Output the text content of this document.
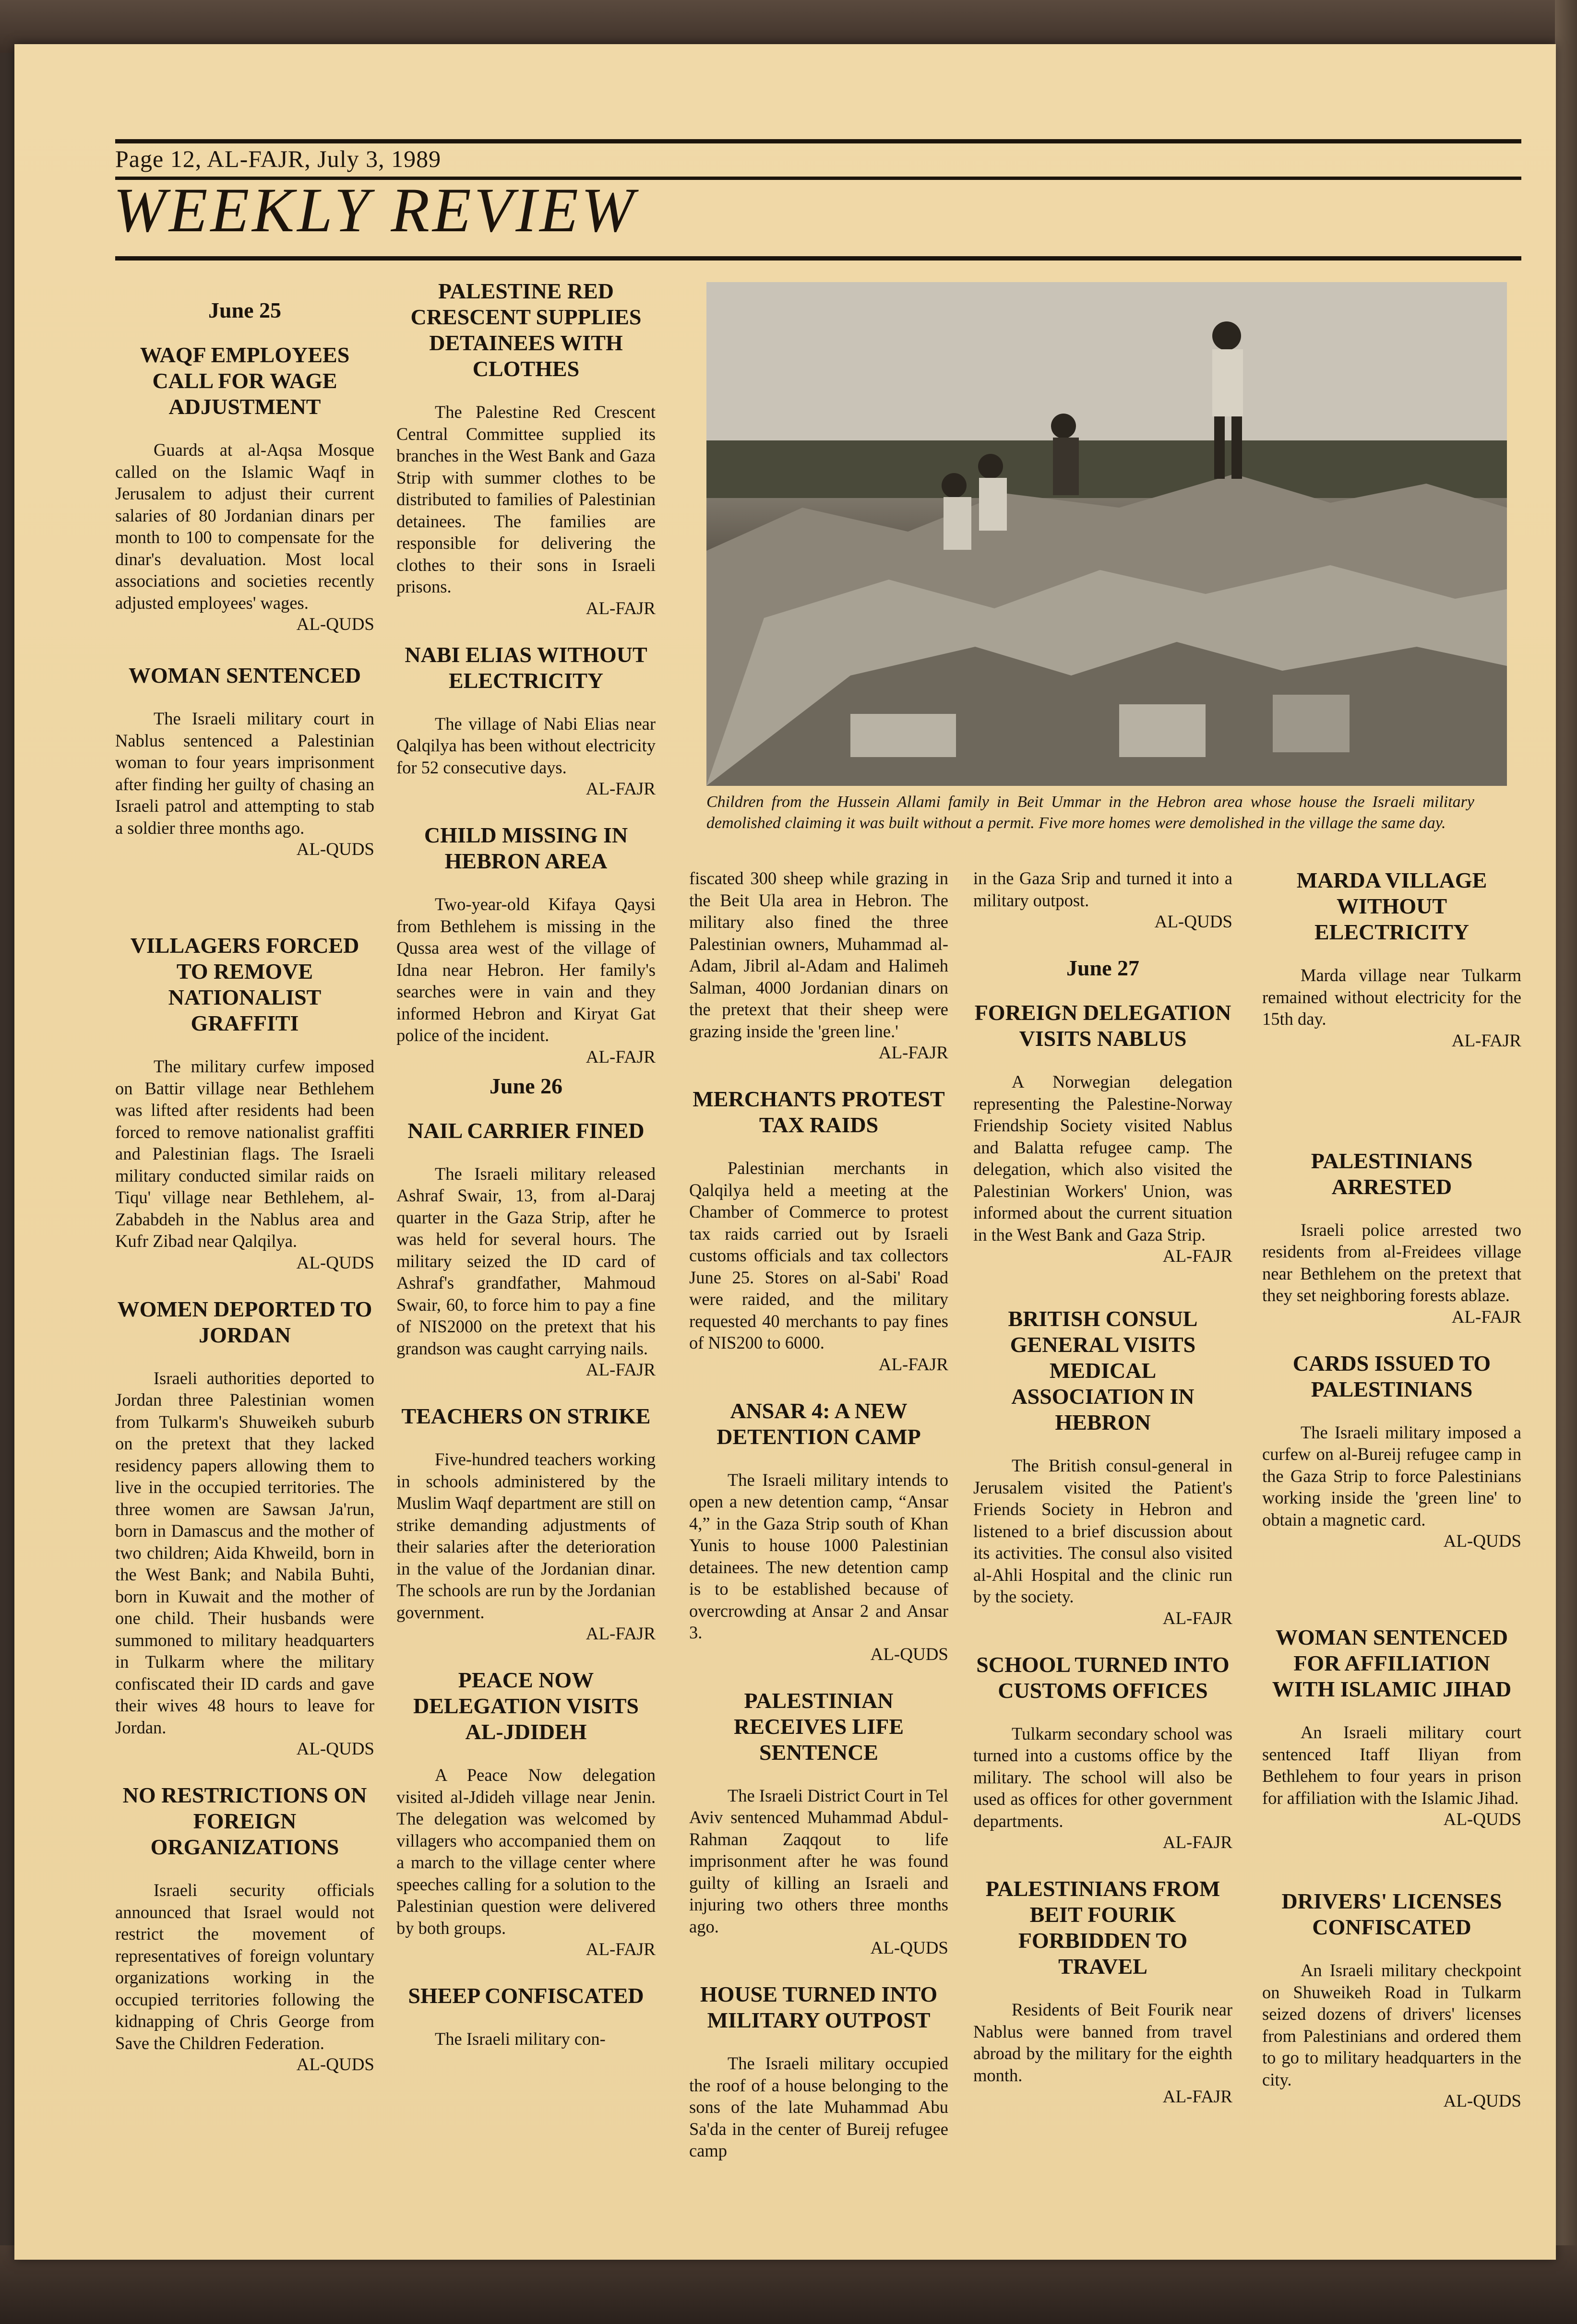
Page 12, AL-FAJR, July 3, 1989
WEEKLY REVIEW

June 25

WAQF EMPLOYEES CALL FOR WAGE ADJUSTMENT

Guards at al-Aqsa Mosque called on the Islamic Waqf in Jerusalem to adjust their current salaries of 80 Jordanian dinars per month to 100 to compensate for the dinar's devaluation. Most local associations and societies recently adjusted employees' wages.

AL-QUDS

WOMAN SENTENCED

The Israeli military court in Nablus sentenced a Palestinian woman to four years imprisonment after finding her guilty of chasing an Israeli patrol and attempting to stab a soldier three months ago.

AL-QUDS

VILLAGERS FORCED TO REMOVE NATIONALIST GRAFFITI

The military curfew imposed on Battir village near Bethlehem was lifted after residents had been forced to remove nationalist graffiti and Palestinian flags. The Israeli military conducted similar raids on Tiqu' village near Bethlehem, al-Zababdeh in the Nablus area and Kufr Zibad near Qalqilya.

AL-QUDS

WOMEN DEPORTED TO JORDAN

Israeli authorities deported to Jordan three Palestinian women from Tulkarm's Shuweikeh suburb on the pretext that they lacked residency papers allowing them to live in the occupied territories. The three women are Sawsan Ja'run, born in Damascus and the mother of two children; Aida Khweild, born in the West Bank; and Nabila Buhti, born in Kuwait and the mother of one child. Their husbands were summoned to military headquarters in Tulkarm where the military confiscated their ID cards and gave their wives 48 hours to leave for Jordan.

AL-QUDS

NO RESTRICTIONS ON FOREIGN ORGANIZATIONS

Israeli security officials announced that Israel would not restrict the movement of representatives of foreign voluntary organizations working in the occupied territories following the kidnapping of Chris George from Save the Children Federation.

AL-QUDS

PALESTINE RED CRESCENT SUPPLIES DETAINEES WITH CLOTHES

The Palestine Red Crescent Central Committee supplied its branches in the West Bank and Gaza Strip with summer clothes to be distributed to families of Palestinian detainees. The families are responsible for delivering the clothes to their sons in Israeli prisons.

AL-FAJR

NABI ELIAS WITHOUT ELECTRICITY

The village of Nabi Elias near Qalqilya has been without electricity for 52 consecutive days.

AL-FAJR

CHILD MISSING IN HEBRON AREA

Two-year-old Kifaya Qaysi from Bethlehem is missing in the Qussa area west of the village of Idna near Hebron. Her family's searches were in vain and they informed Hebron and Kiryat Gat police of the incident.

AL-FAJR

June 26

NAIL CARRIER FINED

The Israeli military released Ashraf Swair, 13, from al-Daraj quarter in the Gaza Strip, after he was held for several hours. The military seized the ID card of Ashraf's grandfather, Mahmoud Swair, 60, to force him to pay a fine of NIS2000 on the pretext that his grandson was caught carrying nails.

AL-FAJR

TEACHERS ON STRIKE

Five-hundred teachers working in schools administered by the Muslim Waqf department are still on strike demanding adjustments of their salaries after the deterioration in the value of the Jordanian dinar. The schools are run by the Jordanian government.

AL-FAJR

PEACE NOW DELEGATION VISITS AL-JDIDEH

A Peace Now delegation visited al-Jdideh village near Jenin. The delegation was welcomed by villagers who accompanied them on a march to the village center where speeches calling for a solution to the Palestinian question were delivered by both groups.

AL-FAJR

SHEEP CONFISCATED

The Israeli military con-

Children from the Hussein Allami family in Beit Ummar in the Hebron area whose house the Israeli military demolished claiming it was built without a permit. Five more homes were demolished in the village the same day.

fiscated 300 sheep while grazing in the Beit Ula area in Hebron. The military also fined the three Palestinian owners, Muhammad al-Adam, Jibril al-Adam and Halimeh Salman, 4000 Jordanian dinars on the pretext that their sheep were grazing inside the 'green line.'

AL-FAJR

MERCHANTS PROTEST TAX RAIDS

Palestinian merchants in Qalqilya held a meeting at the Chamber of Commerce to protest tax raids carried out by Israeli customs officials and tax collectors June 25. Stores on al-Sabi' Road were raided, and the military requested 40 merchants to pay fines of NIS200 to 6000.

AL-FAJR

ANSAR 4: A NEW DETENTION CAMP

The Israeli military intends to open a new detention camp, “Ansar 4,” in the Gaza Strip south of Khan Yunis to house 1000 Palestinian detainees. The new detention camp is to be established because of overcrowding at Ansar 2 and Ansar 3.

AL-QUDS

PALESTINIAN RECEIVES LIFE SENTENCE

The Israeli District Court in Tel Aviv sentenced Muhammad Abdul-Rahman Zaqqout to life imprisonment after he was found guilty of killing an Israeli and injuring two others three months ago.

AL-QUDS

HOUSE TURNED INTO MILITARY OUTPOST

The Israeli military occupied the roof of a house belonging to the sons of the late Muhammad Abu Sa'da in the center of Bureij refugee camp

in the Gaza Srip and turned it into a military outpost.

AL-QUDS

June 27

FOREIGN DELEGATION VISITS NABLUS

A Norwegian delegation representing the Palestine-Norway Friendship Society visited Nablus and Balatta refugee camp. The delegation, which also visited the Palestinian Workers' Union, was informed about the current situation in the West Bank and Gaza Strip.

AL-FAJR

BRITISH CONSUL GENERAL VISITS MEDICAL ASSOCIATION IN HEBRON

The British consul-general in Jerusalem visited the Patient's Friends Society in Hebron and listened to a brief discussion about its activities. The consul also visited al-Ahli Hospital and the clinic run by the society.

AL-FAJR

SCHOOL TURNED INTO CUSTOMS OFFICES

Tulkarm secondary school was turned into a customs office by the military. The school will also be used as offices for other government departments.

AL-FAJR

PALESTINIANS FROM BEIT FOURIK FORBIDDEN TO TRAVEL

Residents of Beit Fourik near Nablus were banned from travel abroad by the military for the eighth month.

AL-FAJR

MARDA VILLAGE WITHOUT ELECTRICITY

Marda village near Tulkarm remained without electricity for the 15th day.

AL-FAJR

PALESTINIANS ARRESTED

Israeli police arrested two residents from al-Freidees village near Bethlehem on the pretext that they set neighboring forests ablaze.

AL-FAJR

CARDS ISSUED TO PALESTINIANS

The Israeli military imposed a curfew on al-Bureij refugee camp in the Gaza Strip to force Palestinians working inside the 'green line' to obtain a magnetic card.

AL-QUDS

WOMAN SENTENCED FOR AFFILIATION WITH ISLAMIC JIHAD

An Israeli military court sentenced Itaff Iliyan from Bethlehem to four years in prison for affiliation with the Islamic Jihad.

AL-QUDS

DRIVERS' LICENSES CONFISCATED

An Israeli military checkpoint on Shuweikeh Road in Tulkarm seized dozens of drivers' licenses from Palestinians and ordered them to go to military headquarters in the city.

AL-QUDS
